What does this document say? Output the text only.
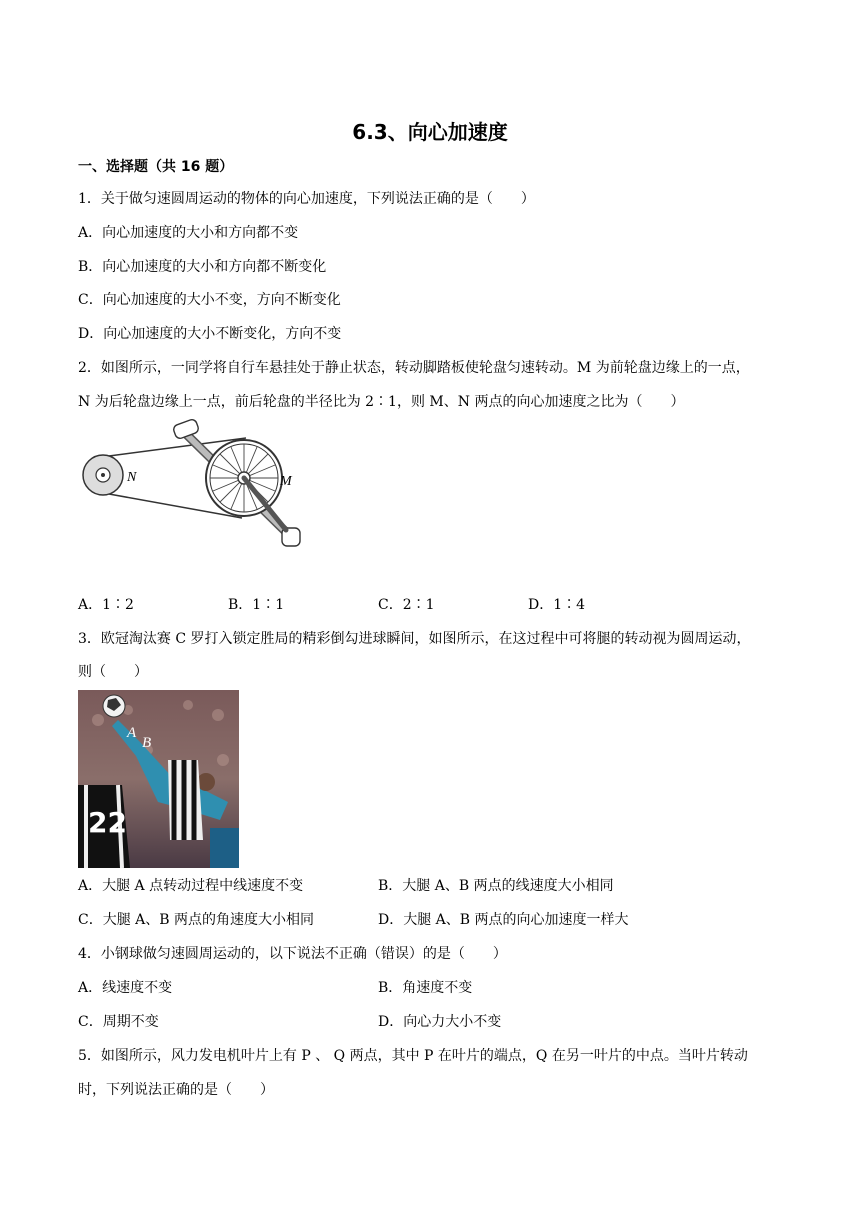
6.3、向心加速度
一、选择题（共 16 题）
1．关于做匀速圆周运动的物体的向心加速度，下列说法正确的是（　　）
A．向心加速度的大小和方向都不变
B．向心加速度的大小和方向都不断变化
C．向心加速度的大小不变，方向不断变化
D．向心加速度的大小不断变化，方向不变
2．如图所示，一同学将自行车悬挂处于静止状态，转动脚踏板使轮盘匀速转动。M 为前轮盘边缘上的一点，
N 为后轮盘边缘上一点，前后轮盘的半径比为 2∶1，则 M、N 两点的向心加速度之比为（　　）
N	M
A．1∶2	B．1∶1	C．2∶1	D．1∶4
3．欧冠淘汰赛 C 罗打入锁定胜局的精彩倒勾进球瞬间，如图所示，在这过程中可将腿的转动视为圆周运动，
则（　　）
22
A
B
A．大腿 A 点转动过程中线速度不变	B．大腿 A、B 两点的线速度大小相同
C．大腿 A、B 两点的角速度大小相同	D．大腿 A、B 两点的向心加速度一样大
4．小钢球做匀速圆周运动的，以下说法不正确（错误）的是（　　）
A．线速度不变	B．角速度不变
C．周期不变	D．向心力大小不变
5．如图所示，风力发电机叶片上有 P 、 Q 两点，其中 P 在叶片的端点，Q 在另一叶片的中点。当叶片转动
时，下列说法正确的是（　　）
